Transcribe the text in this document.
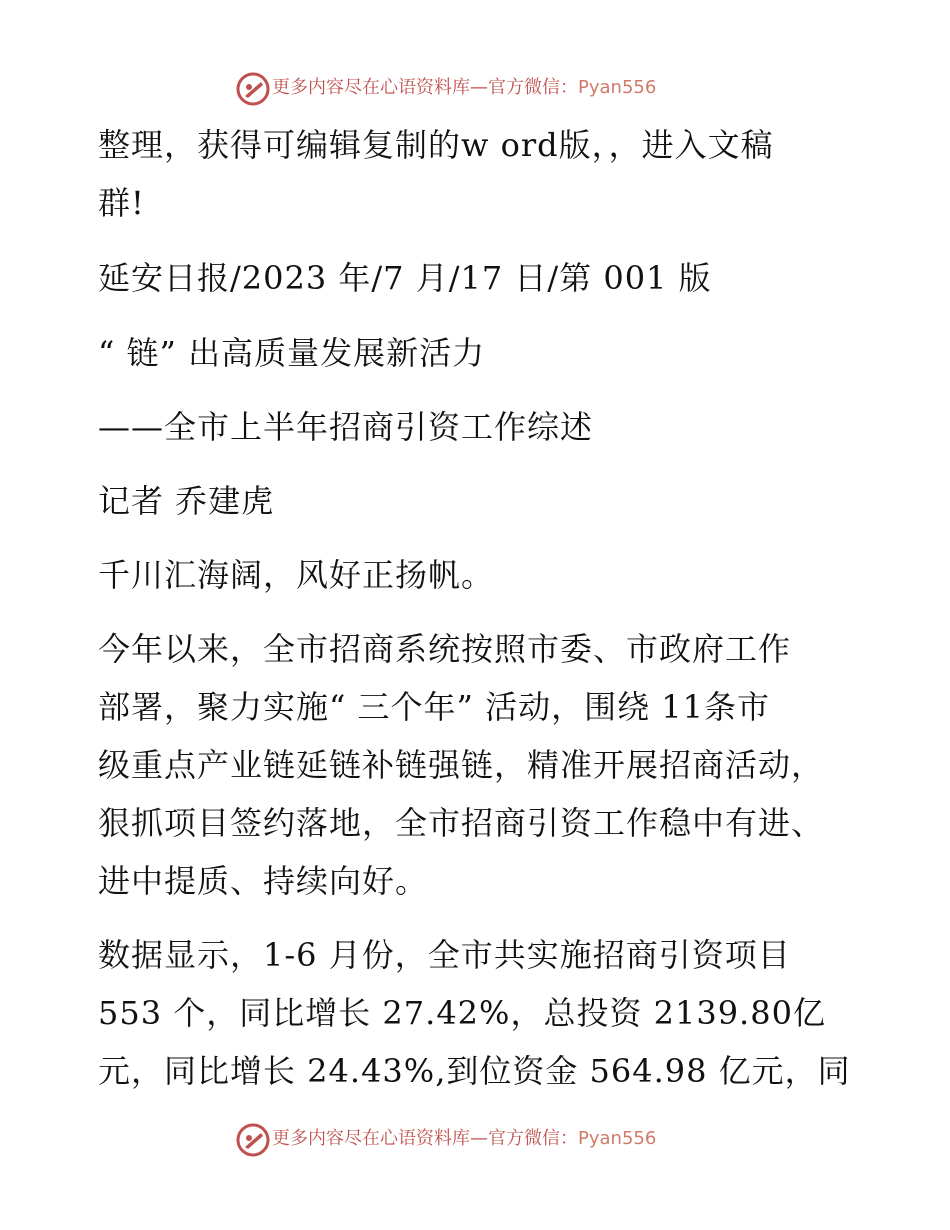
更多内容尽在心语资料库—官方微信：Pyan556
整理，获得可编辑复制的w ord版，，进入文稿
群!
延安日报/2023 年/7 月/17 日/第 001 版
“ 链” 出高质量发展新活力
——全市上半年招商引资工作综述
记者 乔建虎
千川汇海阔，风好正扬帆。
今年以来，全市招商系统按照市委、市政府工作
部署，聚力实施“ 三个年” 活动，围绕 11条市
级重点产业链延链补链强链，精准开展招商活动，
狠抓项目签约落地，全市招商引资工作稳中有进、
进中提质、持续向好。
数据显示，1-6 月份，全市共实施招商引资项目
553 个，同比增长 27.42%，总投资 2139.80亿
元，同比增长 24.43%,到位资金 564.98 亿元，同
更多内容尽在心语资料库—官方微信：Pyan556
